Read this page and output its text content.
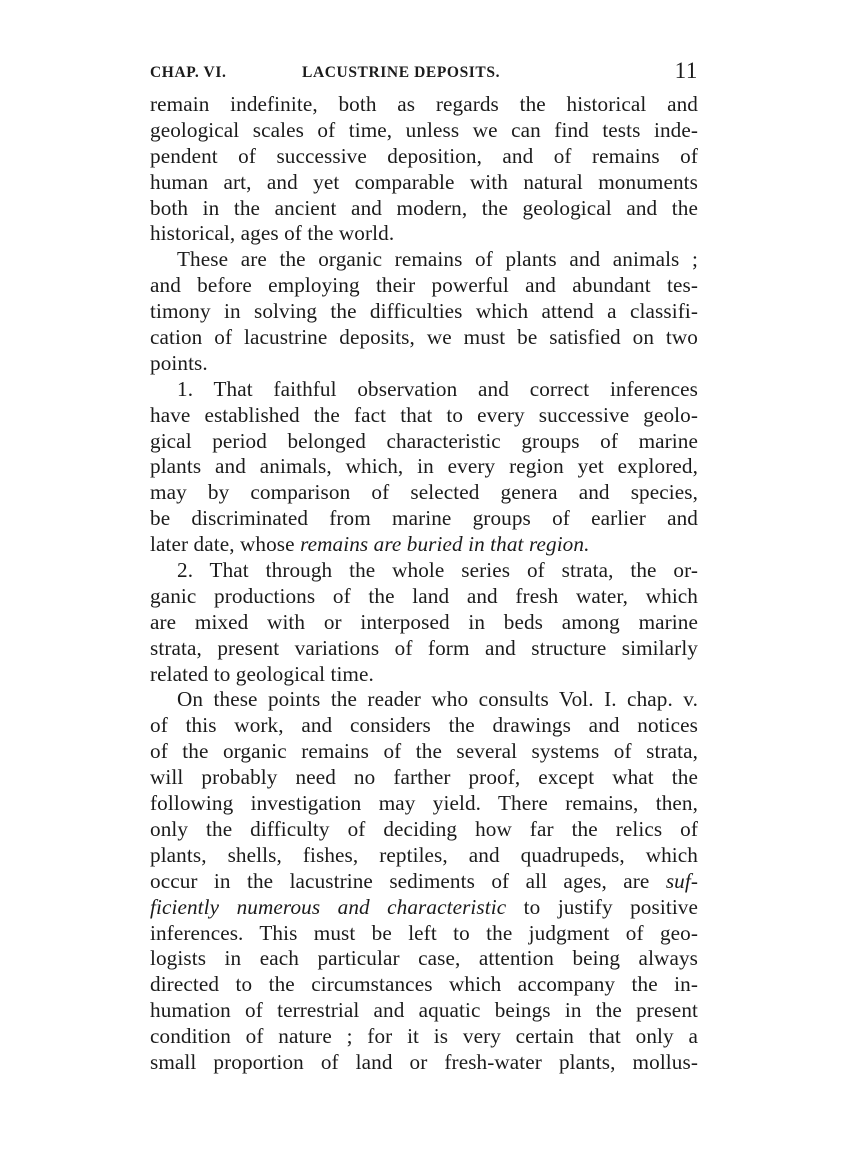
CHAP. VI.	LACUSTRINE DEPOSITS.	11
remain indefinite, both as regards the historical and
geological scales of time, unless we can find tests inde-
pendent of successive deposition, and of remains of
human art, and yet comparable with natural monuments
both in the ancient and modern, the geological and the
historical, ages of the world.
These are the organic remains of plants and animals ;
and before employing their powerful and abundant tes-
timony in solving the difficulties which attend a classifi-
cation of lacustrine deposits, we must be satisfied on two
points.
1. That faithful observation and correct inferences
have established the fact that to every successive geolo-
gical period belonged characteristic groups of marine
plants and animals, which, in every region yet explored,
may by comparison of selected genera and species,
be discriminated from marine groups of earlier and
later date, whose remains are buried in that region.
2. That through the whole series of strata, the or-
ganic productions of the land and fresh water, which
are mixed with or interposed in beds among marine
strata, present variations of form and structure similarly
related to geological time.
On these points the reader who consults Vol. I. chap. v.
of this work, and considers the drawings and notices
of the organic remains of the several systems of strata,
will probably need no farther proof, except what the
following investigation may yield. There remains, then,
only the difficulty of deciding how far the relics of
plants, shells, fishes, reptiles, and quadrupeds, which
occur in the lacustrine sediments of all ages, are suf-
ficiently numerous and characteristic to justify positive
inferences. This must be left to the judgment of geo-
logists in each particular case, attention being always
directed to the circumstances which accompany the in-
humation of terrestrial and aquatic beings in the present
condition of nature ; for it is very certain that only a
small proportion of land or fresh-water plants, mollus-
